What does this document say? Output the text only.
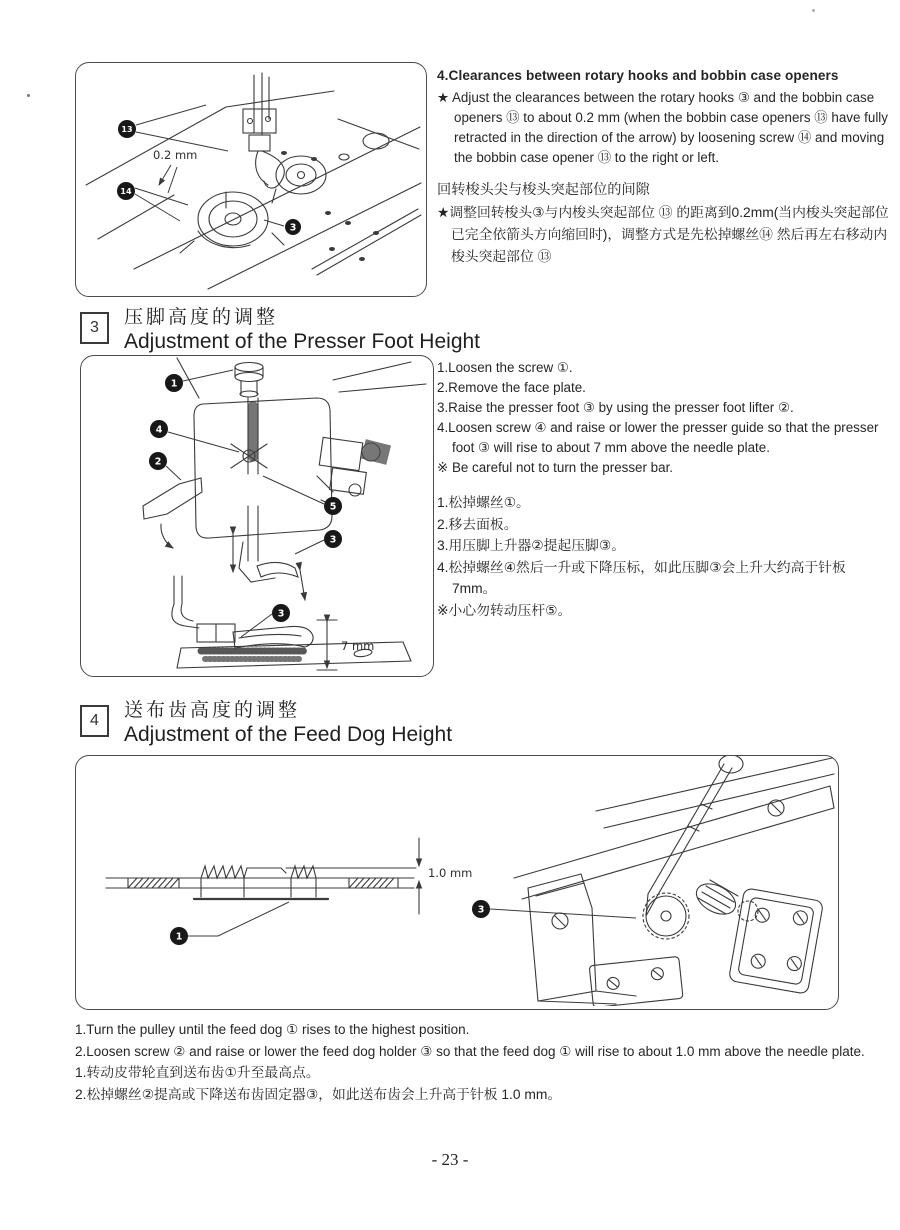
0.2 mm
13
14
3
4.Clearances between rotary hooks and bobbin case openers
★ Adjust the clearances between the rotary hooks ③ and the bobbin case openers ⑬ to about 0.2 mm (when the bobbin case openers ⑬ have fully retracted in the direction of the arrow) by loosening screw ⑭ and moving the bobbin case opener ⑬ to the right or left.
回转梭头尖与梭头突起部位的间隙
★调整回转梭头③与内梭头突起部位 ⑬ 的距离到0.2mm(当内梭头突起部位已完全依箭头方向缩回时)，调整方式是先松掉螺丝⑭ 然后再左右移动内梭头突起部位 ⑬
3	压脚高度的调整
Adjustment of the Presser Foot Height
7 mm
1
4
2
5
3
3
1.Loosen the screw ①.
2.Remove the face plate.
3.Raise the presser foot ③ by using the presser foot lifter ②.
4.Loosen screw ④ and raise or lower the presser guide so that the presser foot ③ will rise to about 7 mm above the needle plate.
※ Be careful not to turn the presser bar.
1.松掉螺丝①。
2.移去面板。
3.用压脚上升器②提起压脚③。
4.松掉螺丝④然后一升或下降压标，如此压脚③会上升大约高于针板 7mm。
※小心勿转动压杆⑤。
4	送布齿高度的调整
Adjustment of the Feed Dog Height
1.0 mm
1
3
1.Turn the pulley until the feed dog ① rises to the highest position.
2.Loosen screw ② and raise or lower the feed dog holder ③ so that the feed dog ① will rise to about 1.0 mm above the needle plate.
1.转动皮带轮直到送布齿①升至最高点。
2.松掉螺丝②提高或下降送布齿固定器③，如此送布齿会上升高于针板 1.0 mm。
- 23 -
